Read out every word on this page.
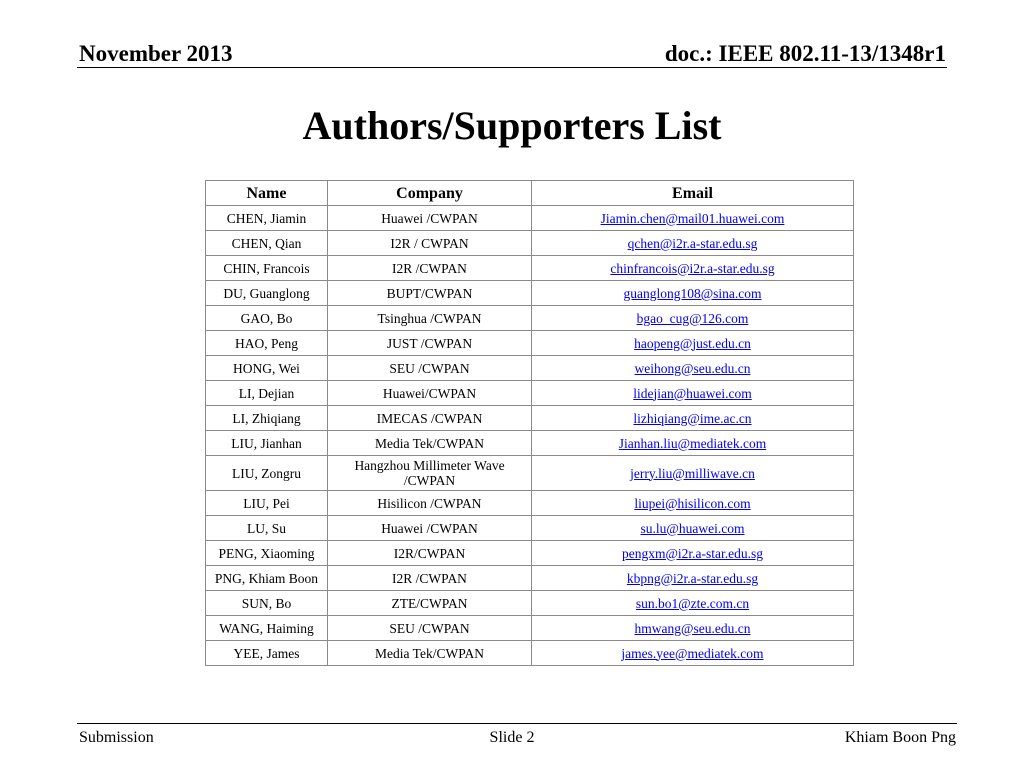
November 2013	doc.: IEEE 802.11-13/1348r1
Authors/Supporters List
Name	Company	Email
CHEN, Jiamin	Huawei /CWPAN	Jiamin.chen@mail01.huawei.com
CHEN, Qian	I2R / CWPAN	qchen@i2r.a-star.edu.sg
CHIN, Francois	I2R /CWPAN	chinfrancois@i2r.a-star.edu.sg
DU, Guanglong	BUPT/CWPAN	guanglong108@sina.com
GAO, Bo	Tsinghua /CWPAN	bgao_cug@126.com
HAO, Peng	JUST /CWPAN	haopeng@just.edu.cn
HONG, Wei	SEU /CWPAN	weihong@seu.edu.cn
LI, Dejian	Huawei/CWPAN	lidejian@huawei.com
LI, Zhiqiang	IMECAS /CWPAN	lizhiqiang@ime.ac.cn
LIU, Jianhan	Media Tek/CWPAN	Jianhan.liu@mediatek.com
LIU, Zongru	Hangzhou Millimeter Wave /CWPAN	jerry.liu@milliwave.cn
LIU, Pei	Hisilicon /CWPAN	liupei@hisilicon.com
LU, Su	Huawei /CWPAN	su.lu@huawei.com
PENG, Xiaoming	I2R/CWPAN	pengxm@i2r.a-star.edu.sg
PNG, Khiam Boon	I2R /CWPAN	kbpng@i2r.a-star.edu.sg
SUN, Bo	ZTE/CWPAN	sun.bo1@zte.com.cn
WANG, Haiming	SEU /CWPAN	hmwang@seu.edu.cn
YEE, James	Media Tek/CWPAN	james.yee@mediatek.com
Submission	Slide 2	Khiam Boon Png
